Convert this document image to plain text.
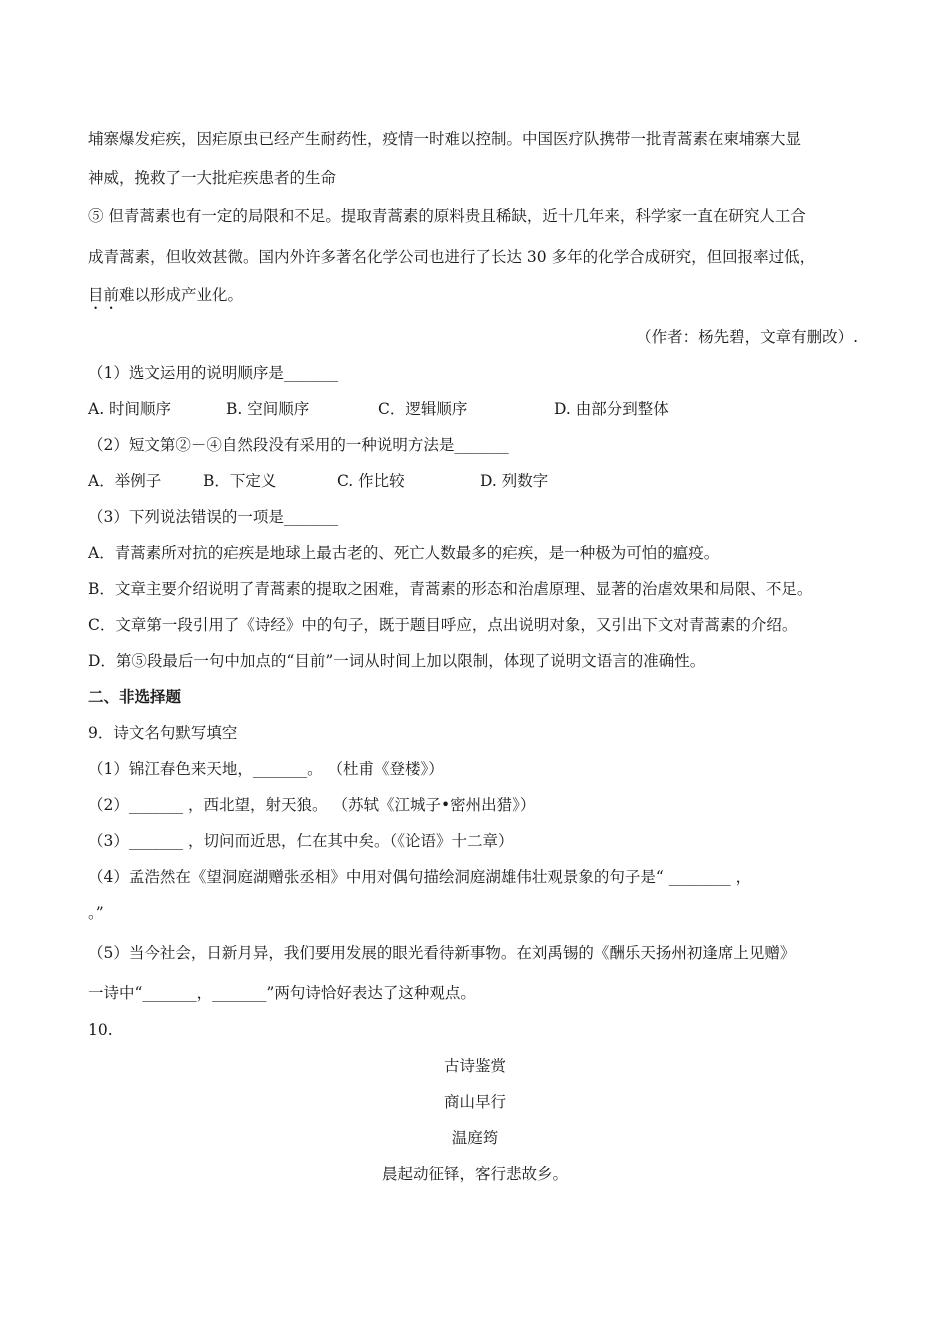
埔寨爆发疟疾，因疟原虫已经产生耐药性，疫情一时难以控制。中国医疗队携带一批青蒿素在柬埔寨大显
神威，挽救了一大批疟疾患者的生命
⑤ 但青蒿素也有一定的局限和不足。提取青蒿素的原料贵且稀缺，近十几年来，科学家一直在研究人工合
成青蒿素，但收效甚微。国内外许多著名化学公司也进行了长达 30 多年的化学合成研究，但回报率过低，
目前难以形成产业化。
（作者：杨先碧，文章有删改）.
（1）选文运用的说明顺序是_______
A. 时间顺序	B. 空间顺序	C．逻辑顺序	D. 由部分到整体
（2）短文第②－④自然段没有采用的一种说明方法是_______
A．举例子	B．下定义	C. 作比较	D. 列数字
（3）下列说法错误的一项是_______
A．青蒿素所对抗的疟疾是地球上最古老的、死亡人数最多的疟疾，是一种极为可怕的瘟疫。
B．文章主要介绍说明了青蒿素的提取之困难，青蒿素的形态和治虐原理、显著的治虐效果和局限、不足。
C．文章第一段引用了《诗经》中的句子，既于题目呼应，点出说明对象，又引出下文对青蒿素的介绍。
D．第⑤段最后一句中加点的“目前”一词从时间上加以限制，体现了说明文语言的准确性。
二、非选择题
9．诗文名句默写填空
（1）锦江春色来天地，_______。 （杜甫《登楼》）
（2）_______ ，西北望，射天狼。 （苏轼《江城子•密州出猎》）
（3）_______ ，切问而近思，仁在其中矣。（《论语》十二章）
（4）孟浩然在《望洞庭湖赠张丞相》中用对偶句描绘洞庭湖雄伟壮观景象的句子是“ ________ ，
。”
（5）当今社会，日新月异，我们要用发展的眼光看待新事物。在刘禹锡的《酬乐天扬州初逢席上见赠》
一诗中“_______，_______”两句诗恰好表达了这种观点。
10.
古诗鉴赏
商山早行
温庭筠
晨起动征铎，客行悲故乡。
